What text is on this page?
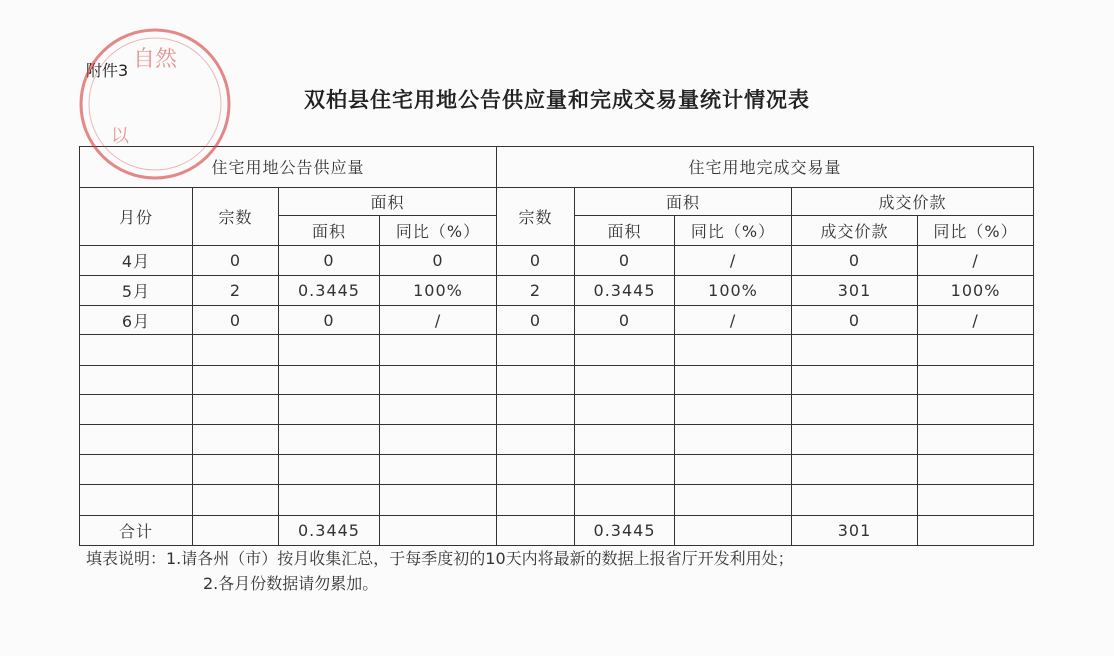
附件3
双柏县住宅用地公告供应量和完成交易量统计情况表
住宅用地公告供应量				住宅用地完成交易量				
月份	宗数	面积		宗数	面积		成交价款	
		面积	同比（%）		面积	同比（%）	成交价款	同比（%）
4月	0	0	0	0	0	/	0	/
5月	2	0.3445	100%	2	0.3445	100%	301	100%
6月	0	0	/	0	0	/	0	/

合计		0.3445			0.3445		301	
填表说明：1.请各州（市）按月收集汇总，于每季度初的10天内将最新的数据上报省厅开发利用处；
2.各月份数据请勿累加。
自然
以
